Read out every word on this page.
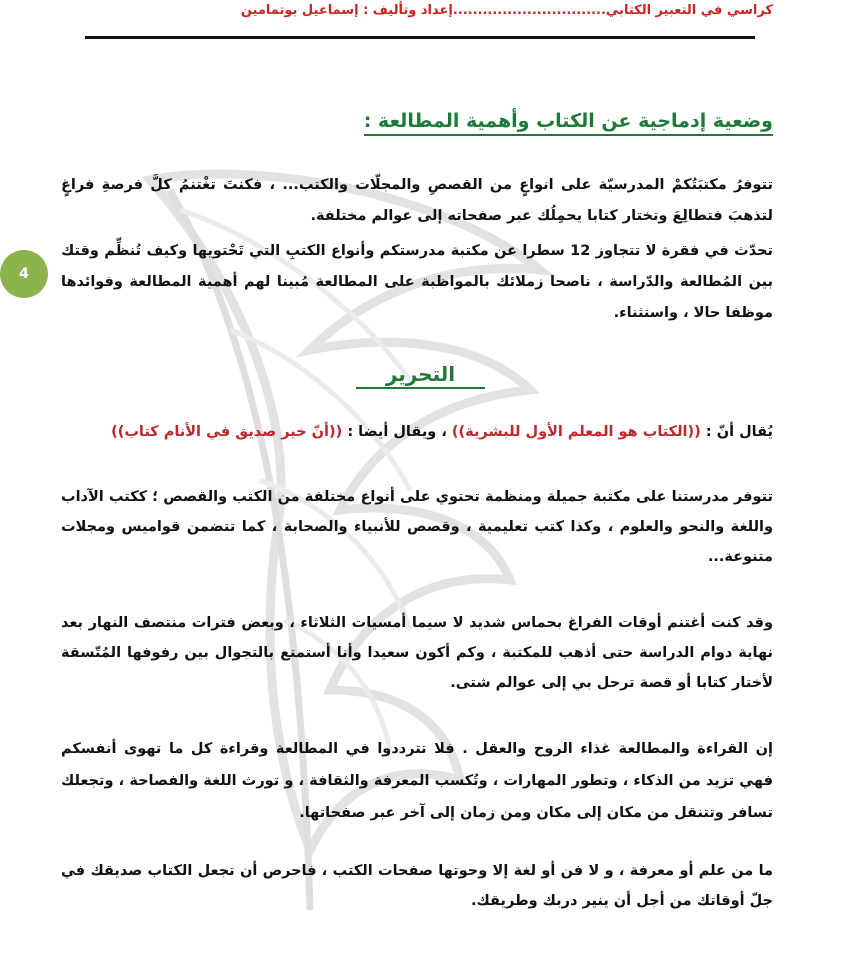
كراسي في التعبير الكتابي...............................إعداد وتأليف : إسماعيل بوتمامين
4
وضعية إدماجية عن الكتاب وأهمية المطالعة :
تتوفرُ مكتبَتُكمْ المدرسيّة على انواعٍ من القصصِ والمجلّات والكتب... ، فكنتَ تغْتنمُ كلَّ فرصةِ فراغٍ لتذهبَ فتطالِعَ وتختار كتابا يحمِلُك عبر صفحاته إلى عوالم مختلفة.
تحدّث في فقرة لا تتجاوز 12 سطرا عن مكتبة مدرستكم وأنواع الكتبِ التي تَحْتويها وكيف تُنظِّم وقتك بين المُطالعة والدّراسة ، ناصحا زملائك بالمواظبة على المطالعة مُبينا لهم أهمية المطالعة وفوائدها موظفا حالا ، واستثناء.
التحرير
يُقال أنّ : ((الكتاب هو المعلم الأول للبشرية)) ، ويقال أيضا : ((أنّ خير صديق في الأنام كتاب))
تتوفر مدرستنا على مكتبة جميلة ومنظمة تحتوي على أنواع مختلفة من الكتب والقصص ؛ ككتب الآداب واللغة والنحو والعلوم ، وكذا كتب تعليمية ، وقصص للأنبياء والصحابة ، كما تتضمن قواميس ومجلات متنوعة...
وقد كنت أغتنم أوقات الفراغ بحماس شديد لا سيما أمسيات الثلاثاء ، وبعض فترات منتصف النهار بعد نهاية دوام الدراسة حتى أذهب للمكتبة ، وكم أكون سعيدا وأنا أستمتع بالتجوال بين رفوفها المُتّسقة لأختار كتابا أو قصة ترحل بي إلى عوالم شتى.
إن القراءة والمطالعة غذاء الروح والعقل . فلا تترددوا في المطالعة وقراءة كل ما تهوى أنفسكم فهي تزيد من الذكاء ، وتطور المهارات ، وتُكسب المعرفة والثقافة ، و تورث اللغة والفصاحة ، وتجعلك تسافر وتتنقل من مكان إلى مكان ومن زمان إلى آخر عبر صفحاتها.
ما من علم أو معرفة ، و لا فن أو لغة إلا وحوتها صفحات الكتب ، فاحرص أن تجعل الكتاب صديقك في جلّ أوقاتك من أجل أن ينير دربك وطريقك.
